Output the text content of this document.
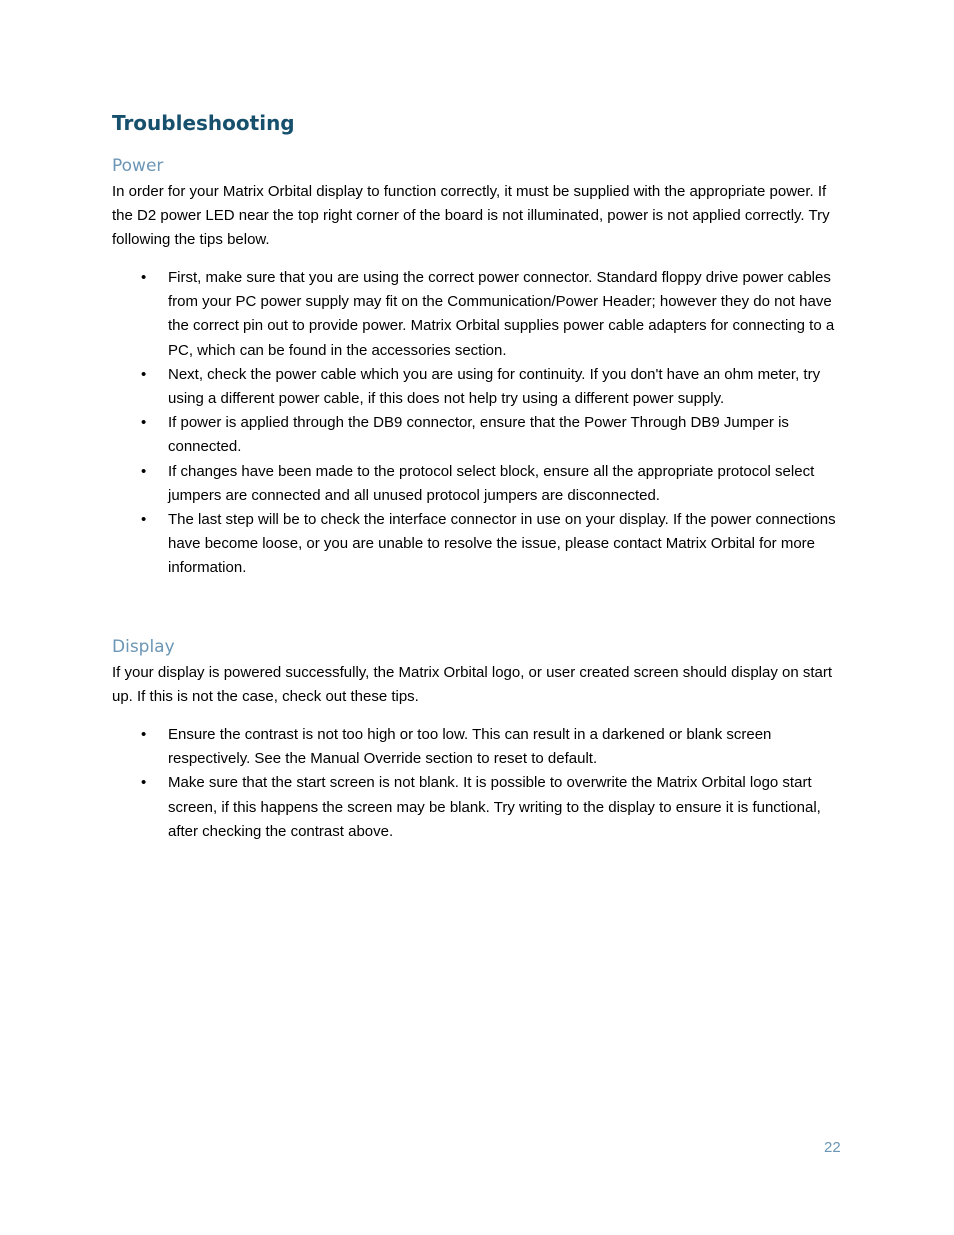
Troubleshooting
Power

In order for your Matrix Orbital display to function correctly, it must be supplied with the appropriate power. If the D2 power LED near the top right corner of the board is not illuminated, power is not applied correctly. Try following the tips below.

• First, make sure that you are using the correct power connector. Standard floppy drive power cables from your PC power supply may fit on the Communication/Power Header; however they do not have the correct pin out to provide power. Matrix Orbital supplies power cable adapters for connecting to a PC, which can be found in the accessories section.
• Next, check the power cable which you are using for continuity. If you don't have an ohm meter, try using a different power cable, if this does not help try using a different power supply.
• If power is applied through the DB9 connector, ensure that the Power Through DB9 Jumper is connected.
• If changes have been made to the protocol select block, ensure all the appropriate protocol select jumpers are connected and all unused protocol jumpers are disconnected.
• The last step will be to check the interface connector in use on your display. If the power connections have become loose, or you are unable to resolve the issue, please contact Matrix Orbital for more information.
Display

If your display is powered successfully, the Matrix Orbital logo, or user created screen should display on start up. If this is not the case, check out these tips.

• Ensure the contrast is not too high or too low. This can result in a darkened or blank screen respectively. See the Manual Override section to reset to default.
• Make sure that the start screen is not blank. It is possible to overwrite the Matrix Orbital logo start screen, if this happens the screen may be blank. Try writing to the display to ensure it is functional, after checking the contrast above.
22
